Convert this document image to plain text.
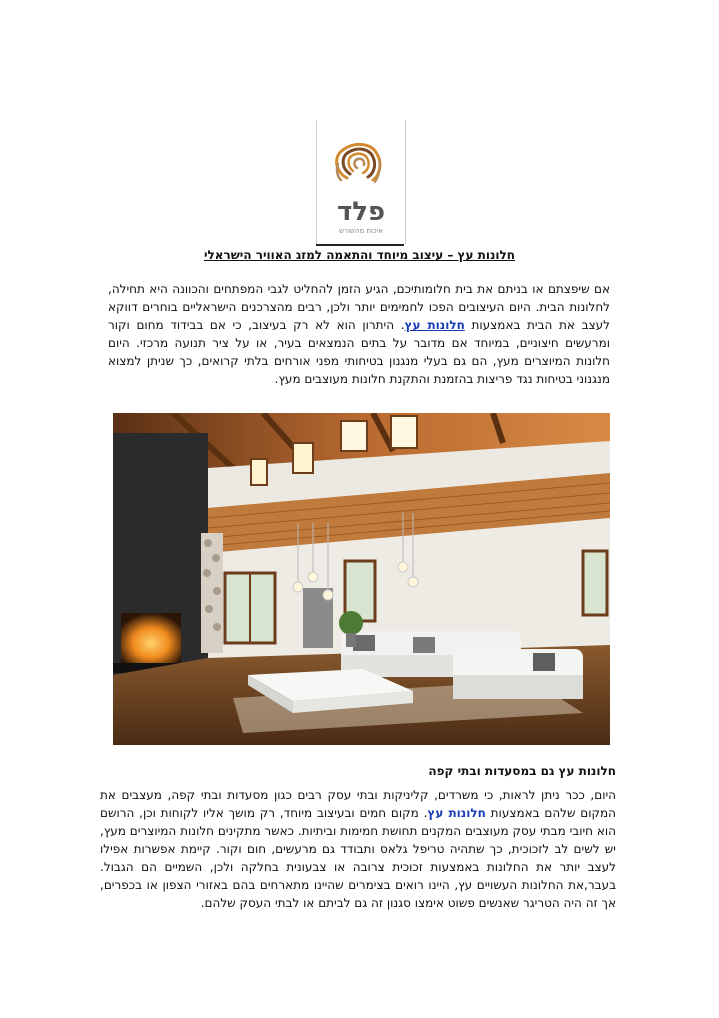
פלד
איכות מהשורש
חלונות עץ – עיצוב מיוחד והתאמה למזג האוויר הישראלי
אם שיפצתם או בניתם את בית חלומותיכם, הגיע הזמן להחליט לגבי המפתחים והכוונה היא תחילה, לחלונות הבית. היום העיצובים הפכו לחמימים יותר ולכן, רבים מהצרכנים הישראליים בוחרים דווקא לעצב את הבית באמצעות חלונות עץ. היתרון הוא לא רק בעיצוב, כי אם בבידוד מחום וקור ומרעשים חיצוניים, במיוחד אם מדובר על בתים הנמצאים בעיר, או על ציר תנועה מרכזי. היום חלונות המיוצרים מעץ, הם גם בעלי מנגנון בטיחותי מפני אורחים בלתי קרואים, כך שניתן למצוא מנגנוני בטיחות נגד פריצות בהזמנת והתקנת חלונות מעוצבים מעץ.
חלונות עץ גם במסעדות ובתי קפה
היום, ככר ניתן לראות, כי משרדים, קליניקות ובתי עסק רבים כגון מסעדות ובתי קפה, מעצבים את המקום שלהם באמצעות חלונות עץ. מקום חמים ובעיצוב מיוחד, רק מושך אליו לקוחות וכן, הרושם הוא חיובי מבתי עסק מעוצבים המקנים תחושת חמימות וביתיות. כאשר מתקינים חלונות המיוצרים מעץ, יש לשים לב לזכוכית, כך שתהיה טריפל גלאס ותבודד גם מרעשים, חום וקור. קיימת אפשרות אפילו לעצב יותר את החלונות באמצעות זכוכית צרובה או צבעונית בחלקה ולכן, השמיים הם הגבול. בעבר,את החלונות העשויים עץ, היינו רואים בצימרים שהיינו מתארחים בהם באזורי הצפון או בכפרים, אך זה היה הטריגר שאנשים פשוט אימצו סגנון זה גם לביתם או לבתי העסק שלהם.
